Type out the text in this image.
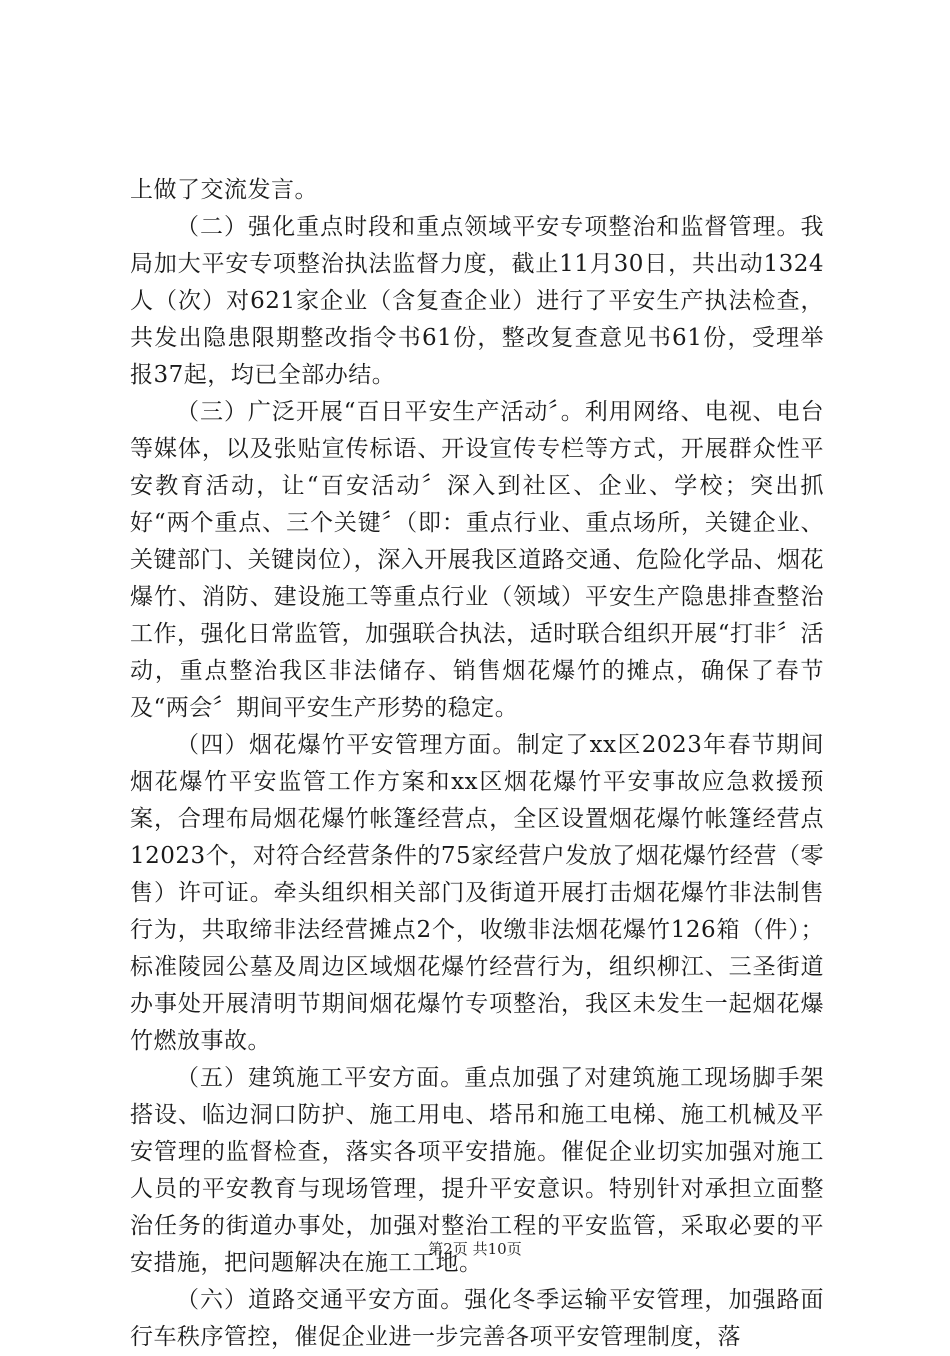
上做了交流发言。

（二）强化重点时段和重点领域平安专项整治和监督管理。我局加大平安专项整治执法监督力度，截止11月30日，共出动1324人（次）对621家企业（含复查企业）进行了平安生产执法检查，共发出隐患限期整改指令书61份，整改复查意见书61份，受理举报37起，均已全部办结。

（三）广泛开展“百日平安生产活动〞。利用网络、电视、电台等媒体，以及张贴宣传标语、开设宣传专栏等方式，开展群众性平安教育活动，让“百安活动〞深入到社区、企业、学校；突出抓好“两个重点、三个关键〞（即：重点行业、重点场所，关键企业、关键部门、关键岗位），深入开展我区道路交通、危险化学品、烟花爆竹、消防、建设施工等重点行业（领域）平安生产隐患排查整治工作，强化日常监管，加强联合执法，适时联合组织开展“打非〞活动，重点整治我区非法储存、销售烟花爆竹的摊点，确保了春节及“两会〞期间平安生产形势的稳定。

（四）烟花爆竹平安管理方面。制定了xx区2023年春节期间烟花爆竹平安监管工作方案和xx区烟花爆竹平安事故应急救援预案，合理布局烟花爆竹帐篷经营点，全区设置烟花爆竹帐篷经营点12023个，对符合经营条件的75家经营户发放了烟花爆竹经营（零售）许可证。牵头组织相关部门及街道开展打击烟花爆竹非法制售行为，共取缔非法经营摊点2个，收缴非法烟花爆竹126箱（件）；标准陵园公墓及周边区域烟花爆竹经营行为，组织柳江、三圣街道办事处开展清明节期间烟花爆竹专项整治，我区未发生一起烟花爆竹燃放事故。

（五）建筑施工平安方面。重点加强了对建筑施工现场脚手架搭设、临边洞口防护、施工用电、塔吊和施工电梯、施工机械及平安管理的监督检查，落实各项平安措施。催促企业切实加强对施工人员的平安教育与现场管理，提升平安意识。特别针对承担立面整治任务的街道办事处，加强对整治工程的平安监管，采取必要的平安措施，把问题解决在施工工地。

（六）道路交通平安方面。强化冬季运输平安管理，加强路面行车秩序管控，催促企业进一步完善各项平安管理制度，落

第2页 共10页
